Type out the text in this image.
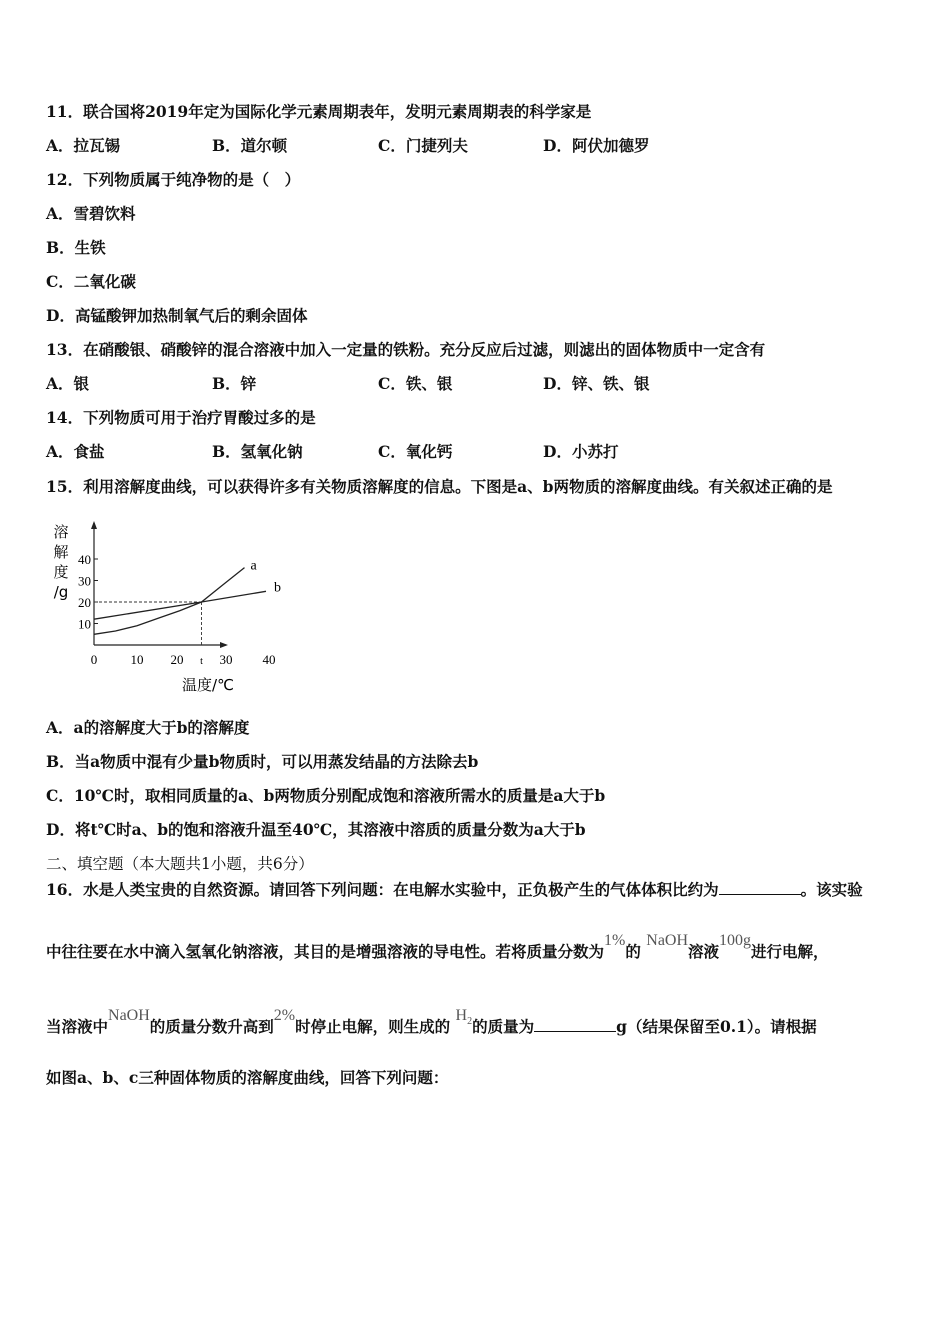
11．联合国将2019年定为国际化学元素周期表年，发明元素周期表的科学家是
A．拉瓦锡	B．道尔顿	C．门捷列夫	D．阿伏加德罗
12．下列物质属于纯净物的是（　）
A．雪碧饮料
B．生铁
C．二氧化碳
D．高锰酸钾加热制氧气后的剩余固体
13．在硝酸银、硝酸锌的混合溶液中加入一定量的铁粉。充分反应后过滤，则滤出的固体物质中一定含有
A．银	B．锌	C．铁、银	D．锌、铁、银
14．下列物质可用于治疗胃酸过多的是
A．食盐	B．氢氧化钠	C．氧化钙	D．小苏打
15．利用溶解度曲线，可以获得许多有关物质溶解度的信息。下图是a、b两物质的溶解度曲线。有关叙述正确的是
10
20
30
40
0	10 20 t 30 40
a
b
溶
解
度
/g
温度/℃
A．a的溶解度大于b的溶解度
B．当a物质中混有少量b物质时，可以用蒸发结晶的方法除去b
C．10℃时，取相同质量的a、b两物质分别配成饱和溶液所需水的质量是a大于b
D．将t℃时a、b的饱和溶液升温至40℃，其溶液中溶质的质量分数为a大于b
二、填空题（本大题共1小题，共6分）
16．水是人类宝贵的自然资源。请回答下列问题：在电解水实验中，正负极产生的气体体积比约为	。该实验
中往往要在水中滴入氢氧化钠溶液，其目的是增强溶液的导电性。若将质量分数为1%的 NaOH溶液100g进行电解，
当溶液中NaOH的质量分数升高到2%时停止电解，则生成的 $H_2$的质量为	g（结果保留至0.1）。请根据
如图a、b、c三种固体物质的溶解度曲线，回答下列问题：
